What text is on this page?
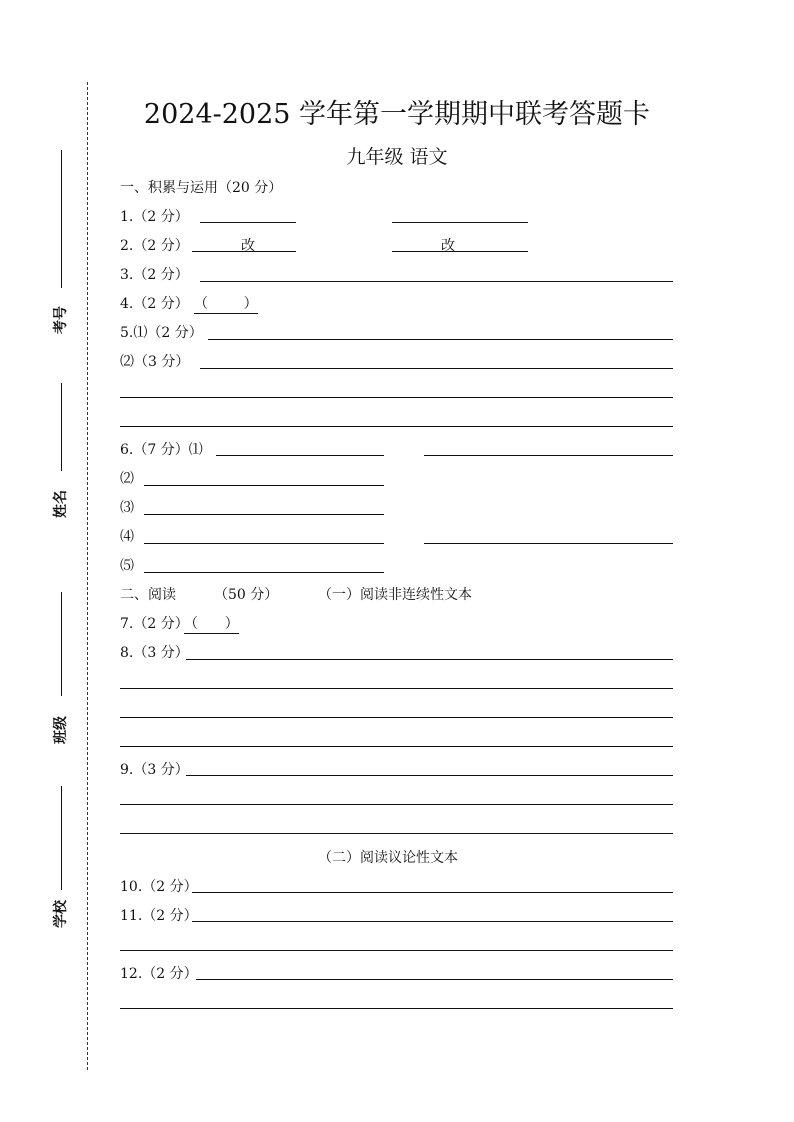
考号
姓名
班级
学校
2024-2025 学年第一学期期中联考答题卡
九年级 语文
一、积累与运用（20 分）
1.（2 分）
2.（2 分）	改	改
3.（2 分）
4.（2 分） （        ）
5.⑴（2 分）
⑵（3 分）
6.（7 分）⑴
⑵
⑶
⑷
⑸
二、阅读	（50 分）	（一）阅读非连续性文本
7.（2 分）
（      ）
8.（3 分）
9.（3 分）
（二）阅读议论性文本
10.（2 分）
11.（2 分）
12.（2 分）
